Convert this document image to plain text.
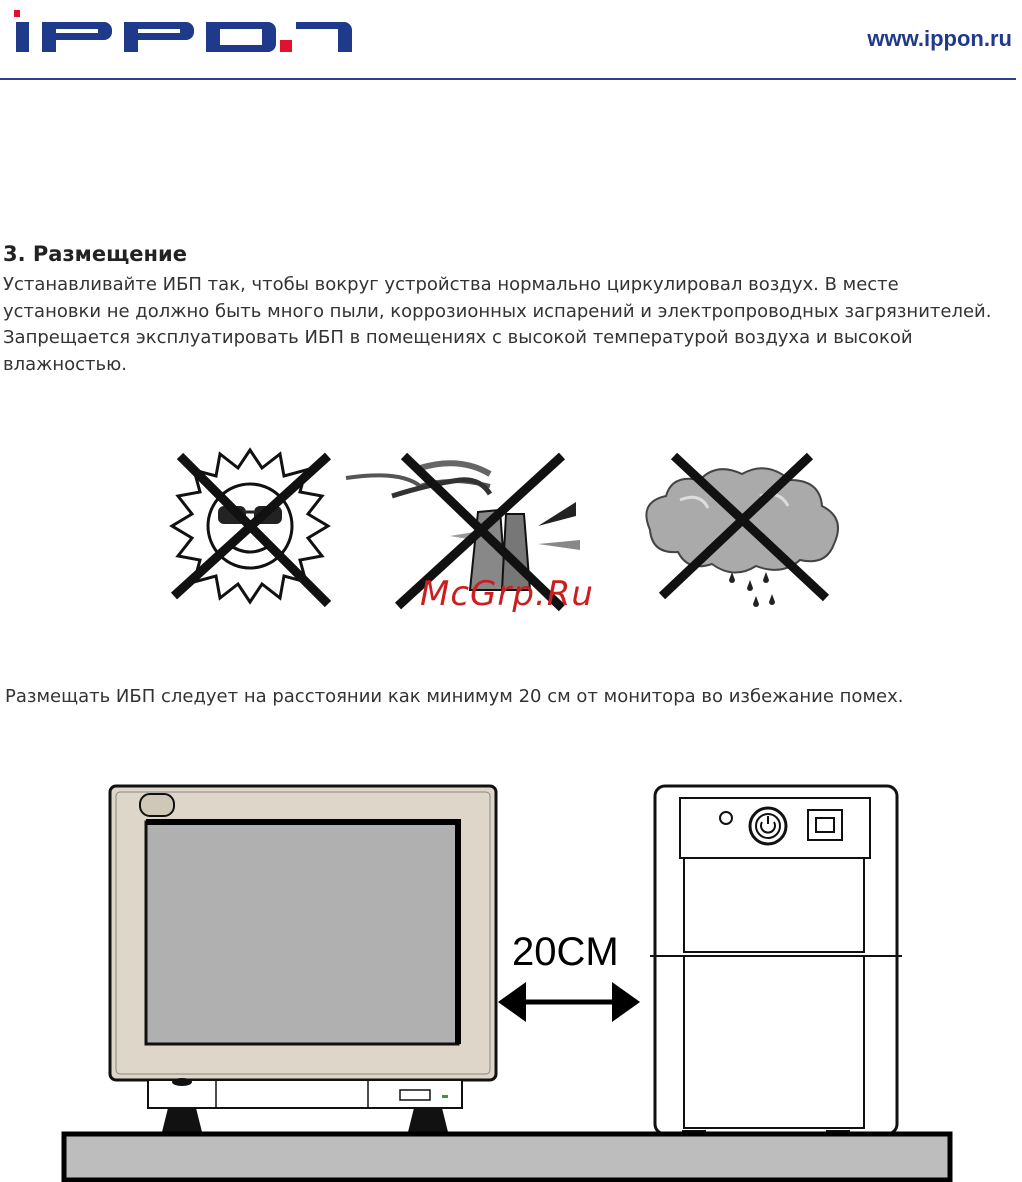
www.ippon.ru
3. Размещение
Устанавливайте ИБП так, чтобы вокруг устройства нормально циркулировал воздух. В месте
установки не должно быть много пыли, коррозионных испарений и электропроводных загрязнителей.
Запрещается эксплуатировать ИБП в помещениях с высокой температурой воздуха и высокой
влажностью.
McGrp.Ru
Размещать ИБП следует на расстоянии как минимум 20 см от монитора во избежание помех.
20CM
